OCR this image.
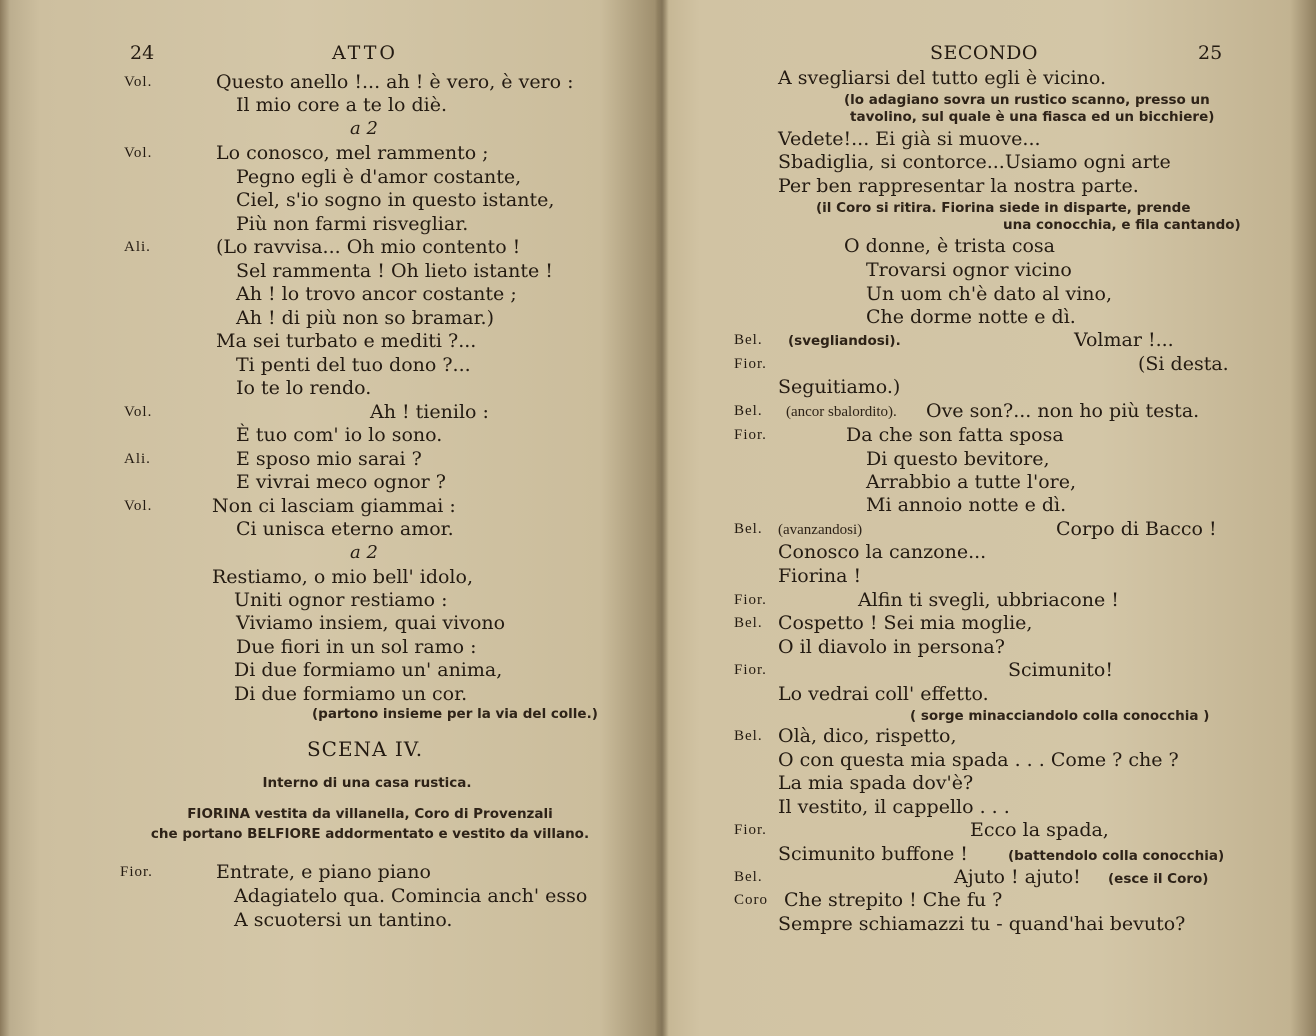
24	ATTO
Vol.	Questo anello !... ah ! è vero, è vero :
Il mio core a te lo diè.
a 2
Vol.	Lo conosco, mel rammento ;
Pegno egli è d'amor costante,
Ciel, s'io sogno in questo istante,
Più non farmi risvegliar.
Ali.	(Lo ravvisa... Oh mio contento !
Sel rammenta ! Oh lieto istante !
Ah ! lo trovo ancor costante ;
Ah ! di più non so bramar.)
Ma sei turbato e mediti ?...
Ti penti del tuo dono ?...
Io te lo rendo.
Vol.	Ah ! tienilo :
È tuo com' io lo sono.
Ali.	E sposo mio sarai ?
E vivrai meco ognor ?
Vol.	Non ci lasciam giammai :
Ci unisca eterno amor.
a 2
Restiamo, o mio bell' idolo,
Uniti ognor restiamo :
Viviamo insiem, quai vivono
Due fiori in un sol ramo :
Di due formiamo un' anima,
Di due formiamo un cor.
(partono insieme per la via del colle.)
SCENA IV.
Interno di una casa rustica.
FIORINA vestita da villanella, Coro di Provenzali
che portano BELFIORE addormentato e vestito da villano.
Fior.	Entrate, e piano piano
Adagiatelo qua. Comincia anch' esso
A scuotersi un tantino.
SECONDO	25
A svegliarsi del tutto egli è vicino.
(lo adagiano sovra un rustico scanno, presso un
tavolino, sul quale è una fiasca ed un bicchiere)
Vedete!... Ei già si muove...
Sbadiglia, si contorce...Usiamo ogni arte
Per ben rappresentar la nostra parte.
(il Coro si ritira. Fiorina siede in disparte, prende
una conocchia, e fila cantando)
O donne, è trista cosa
Trovarsi ognor vicino
Un uom ch'è dato al vino,
Che dorme notte e dì.
Bel. (svegliandosi).	Volmar !...
Fior.	(Si desta.
Seguitiamo.)
Bel. (ancor sbalordito). Ove son?... non ho più testa.
Fior.	Da che son fatta sposa
Di questo bevitore,
Arrabbio a tutte l'ore,
Mi annoio notte e dì.
Bel. (avanzandosi)	Corpo di Bacco !
Conosco la canzone...
Fiorina !
Fior.	Alfin ti svegli, ubbriacone !
Bel. Cospetto ! Sei mia moglie,
O il diavolo in persona?
Fior.	Scimunito!
Lo vedrai coll' effetto.
( sorge minacciandolo colla conocchia )
Bel. Olà, dico, rispetto,
O con questa mia spada . . . Come ? che ?
La mia spada dov'è?
Il vestito, il cappello . . .
Fior.	Ecco la spada,
Scimunito buffone !	(battendolo colla conocchia)
Bel.	Ajuto ! ajuto! (esce il Coro)
Coro Che strepito ! Che fu ?
Sempre schiamazzi tu - quand'hai bevuto?
